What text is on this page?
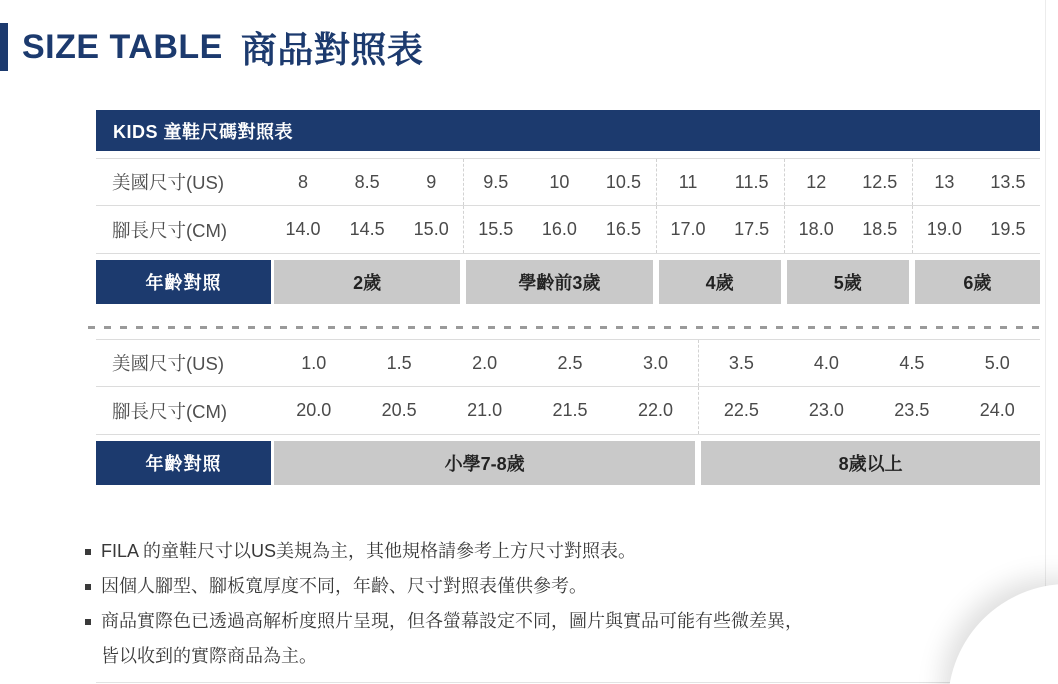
SIZE TABLE 商品對照表
KIDS 童鞋尺碼對照表
美國尺寸(US)	8	8.5	9	9.5	10	10.5	11	11.5	12	12.5	13	13.5
腳長尺寸(CM)	14.0	14.5	15.0	15.5	16.0	16.5	17.0	17.5	18.0	18.5	19.0	19.5
年齡對照	2歲	學齡前3歲	4歲	5歲	6歲
美國尺寸(US)	1.0	1.5	2.0	2.5	3.0	3.5	4.0	4.5	5.0
腳長尺寸(CM)	20.0	20.5	21.0	21.5	22.0	22.5	23.0	23.5	24.0
年齡對照	小學7-8歲	8歲以上
FILA 的童鞋尺寸以US美規為主，其他規格請參考上方尺寸對照表。
因個人腳型、腳板寬厚度不同，年齡、尺寸對照表僅供參考。
商品實際色已透過高解析度照片呈現，但各螢幕設定不同，圖片與實品可能有些微差異，
皆以收到的實際商品為主。
